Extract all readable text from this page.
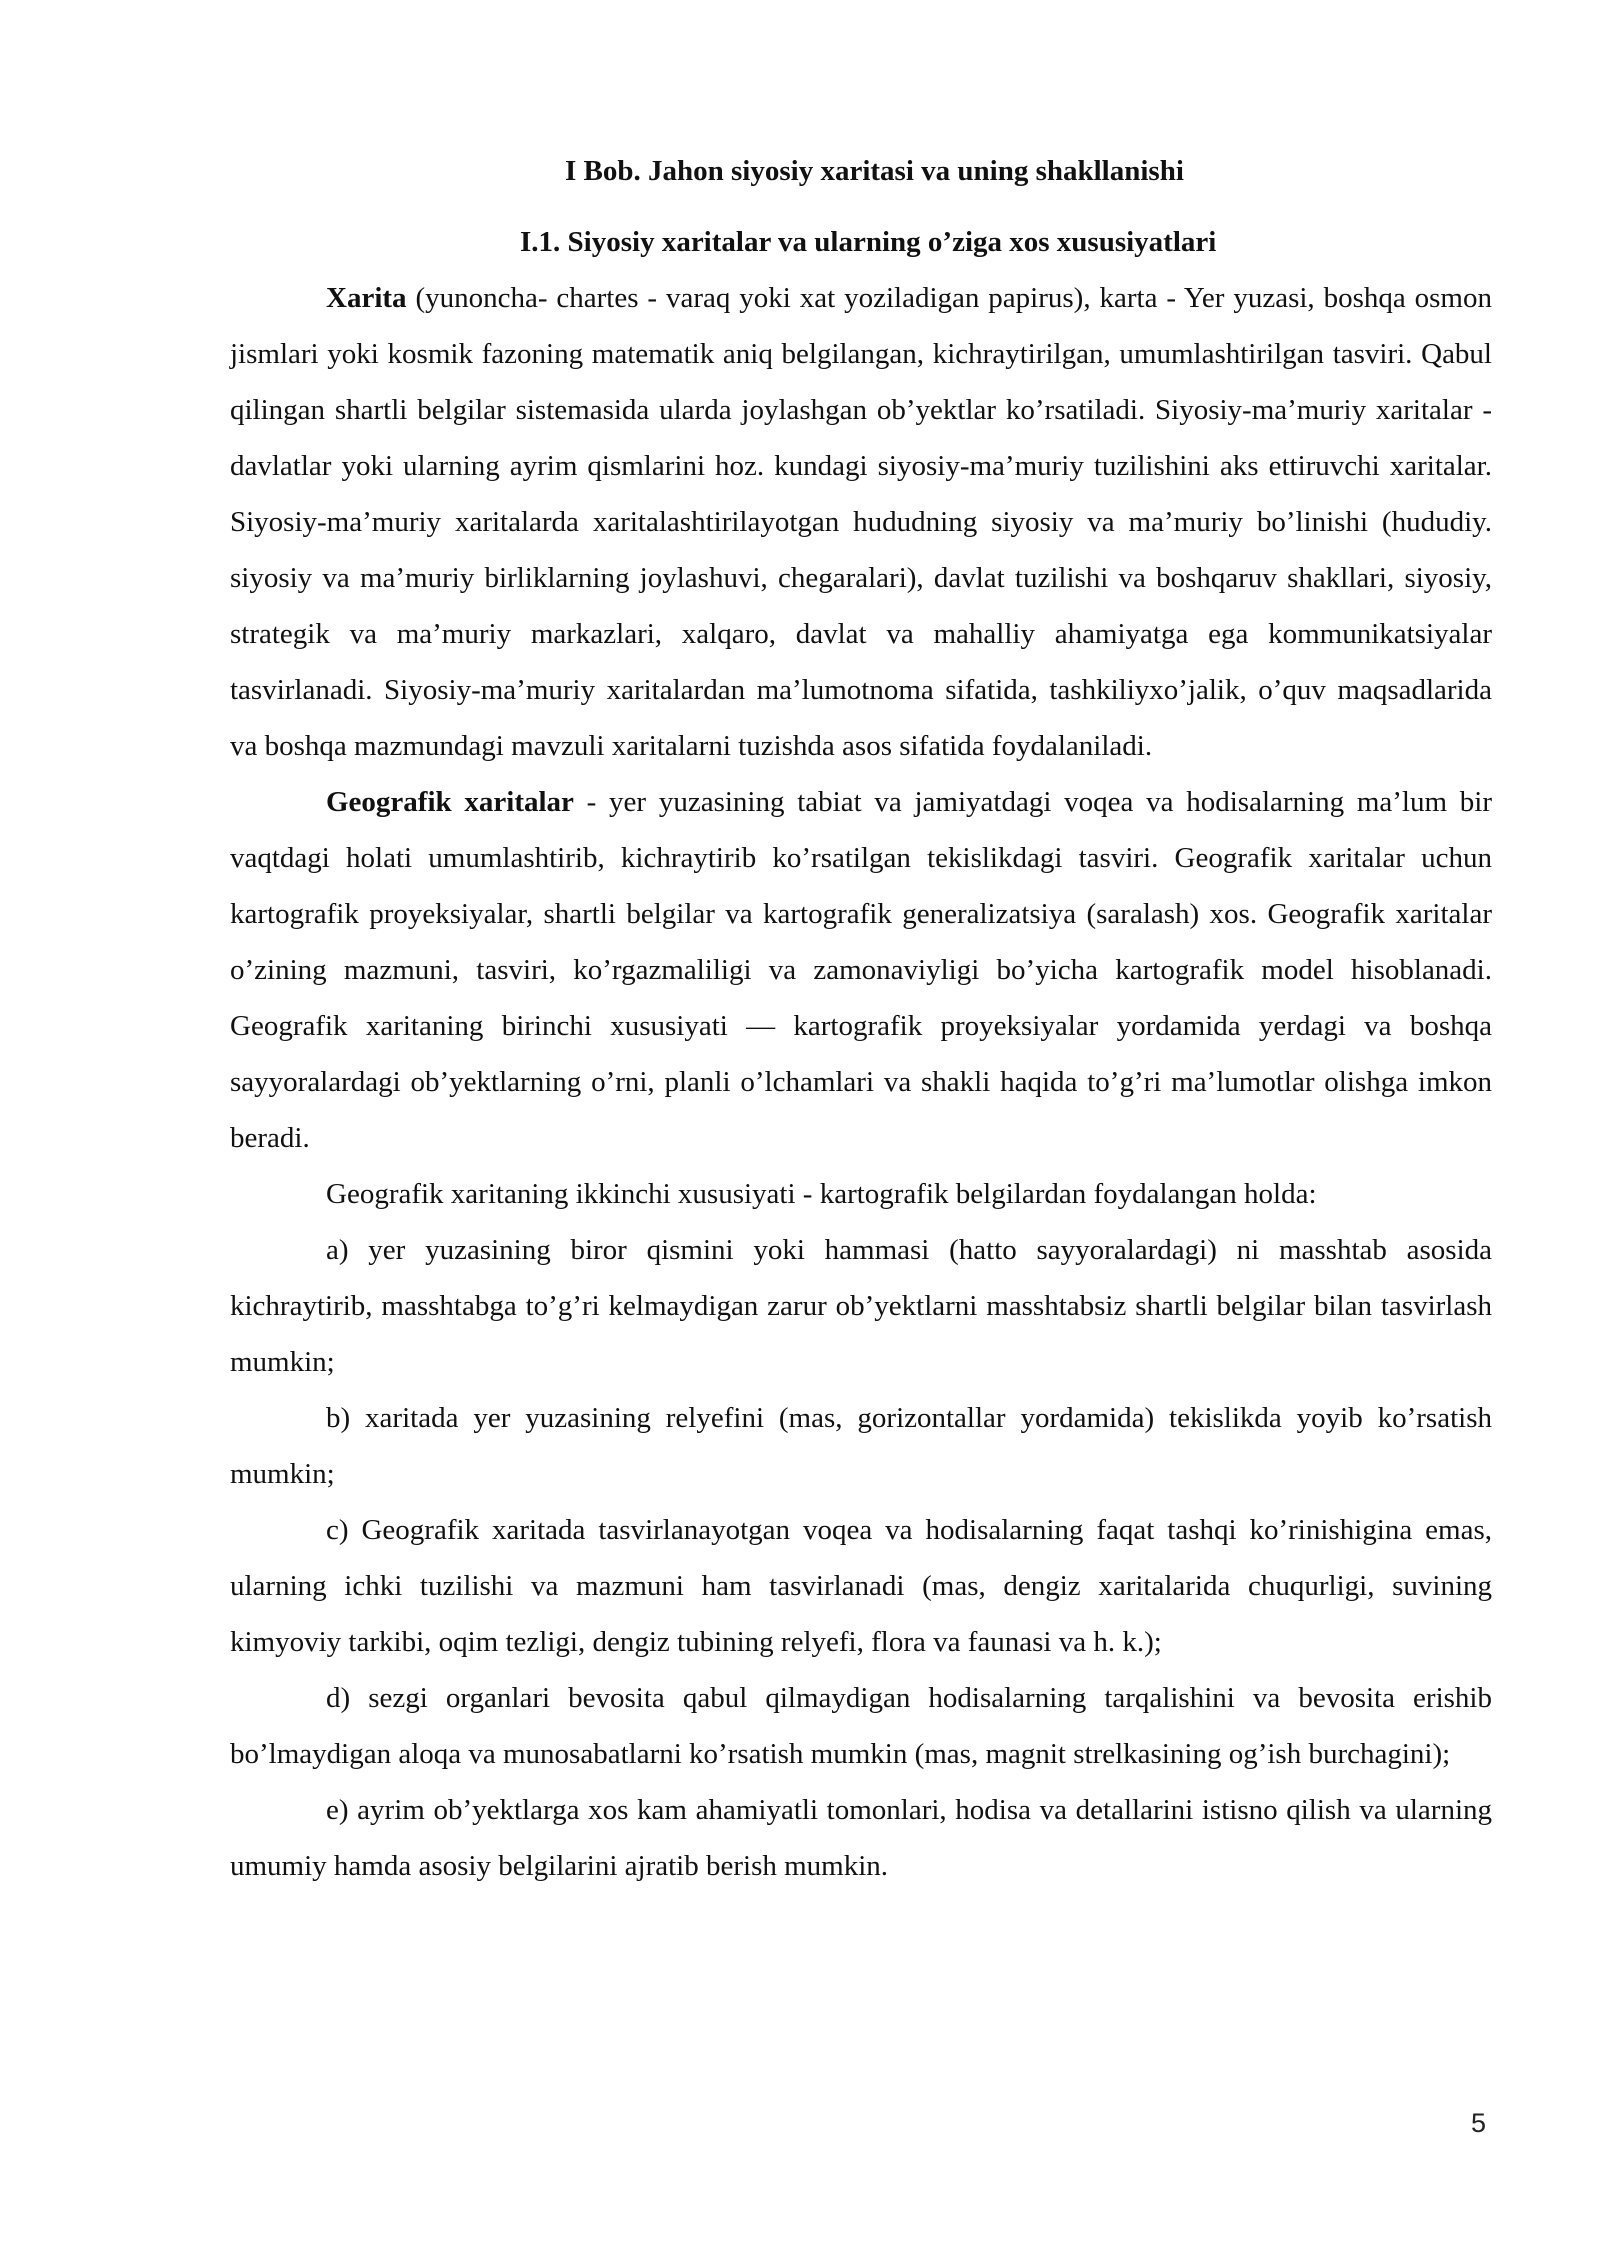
I Bob. Jahon siyosiy xaritasi va uning shakllanishi
I.1. Siyosiy xaritalar va ularning o’ziga xos xususiyatlari

Xarita (yunoncha- chartes - varaq yoki xat yoziladigan papirus), karta - Yer yuzasi, boshqa osmon jismlari yoki kosmik fazoning matematik aniq belgilangan, kichraytirilgan, umumlashtirilgan tasviri. Qabul qilingan shartli belgilar sistemasida ularda joylashgan ob’yektlar ko’rsatiladi. Siyosiy-ma’muriy xaritalar - davlatlar yoki ularning ayrim qismlarini hoz. kundagi siyosiy-ma’muriy tuzilishini aks ettiruvchi xaritalar. Siyosiy-ma’muriy xaritalarda xaritalashtirilayotgan hududning siyosiy va ma’muriy bo’linishi (hududiy. siyosiy va ma’muriy birliklarning joylashuvi, chegaralari), davlat tuzilishi va boshqaruv shakllari, siyosiy, strategik va ma’muriy markazlari, xalqaro, davlat va mahalliy ahamiyatga ega kommunikatsiyalar tasvirlanadi. Siyosiy-ma’muriy xaritalardan ma’lumotnoma sifatida, tashkiliyxo’jalik, o’quv maqsadlarida va boshqa mazmundagi mavzuli xaritalarni tuzishda asos sifatida foydalaniladi.

Geografik xaritalar - yer yuzasining tabiat va jamiyatdagi voqea va hodisalarning ma’lum bir vaqtdagi holati umumlashtirib, kichraytirib ko’rsatilgan tekislikdagi tasviri. Geografik xaritalar uchun kartografik proyeksiyalar, shartli belgilar va kartografik generalizatsiya (saralash) xos. Geografik xaritalar o’zining mazmuni, tasviri, ko’rgazmaliligi va zamonaviyligi bo’yicha kartografik model hisoblanadi. Geografik xaritaning birinchi xususiyati — kartografik proyeksiyalar yordamida yerdagi va boshqa sayyoralardagi ob’yektlarning o’rni, planli o’lchamlari va shakli haqida to’g’ri ma’lumotlar olishga imkon beradi.

Geografik xaritaning ikkinchi xususiyati - kartografik belgilardan foydalangan holda:

a) yer yuzasining biror qismini yoki hammasi (hatto sayyoralardagi) ni masshtab asosida kichraytirib, masshtabga to’g’ri kelmaydigan zarur ob’yektlarni masshtabsiz shartli belgilar bilan tasvirlash mumkin;

b) xaritada yer yuzasining relyefini (mas, gorizontallar yordamida) tekislikda yoyib ko’rsatish mumkin;

c) Geografik xaritada tasvirlanayotgan voqea va hodisalarning faqat tashqi ko’rinishigina emas, ularning ichki tuzilishi va mazmuni ham tasvirlanadi (mas, dengiz xaritalarida chuqurligi, suvining kimyoviy tarkibi, oqim tezligi, dengiz tubining relyefi, flora va faunasi va h. k.);

d) sezgi organlari bevosita qabul qilmaydigan hodisalarning tarqalishini va bevosita erishib bo’lmaydigan aloqa va munosabatlarni ko’rsatish mumkin (mas, magnit strelkasining og’ish burchagini);

e) ayrim ob’yektlarga xos kam ahamiyatli tomonlari, hodisa va detallarini istisno qilish va ularning umumiy hamda asosiy belgilarini ajratib berish mumkin.

5
